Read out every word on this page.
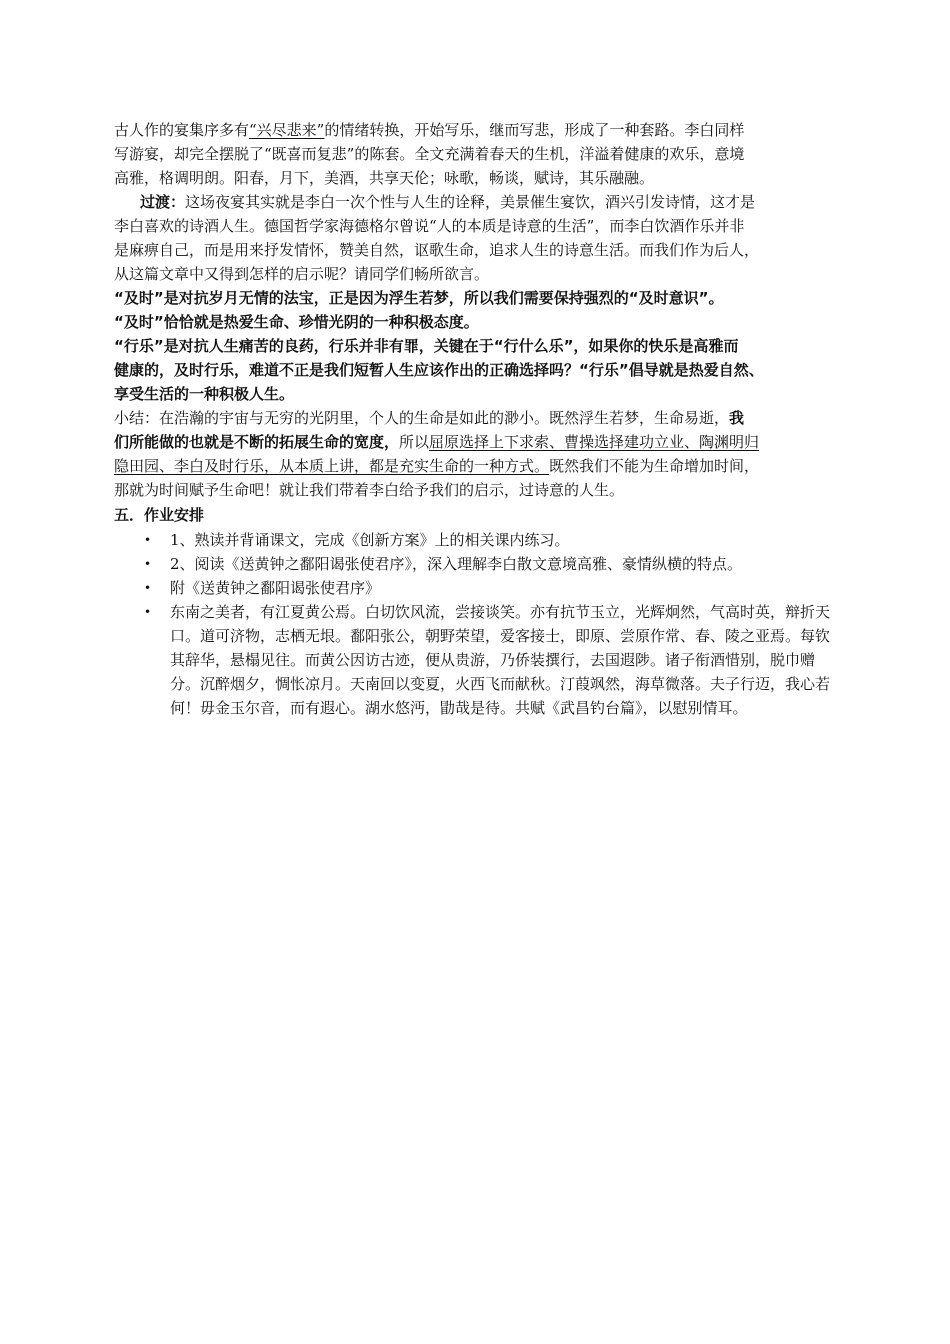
古人作的宴集序多有“兴尽悲来”的情绪转换，开始写乐，继而写悲，形成了一种套路。李白同样
写游宴，却完全摆脱了“既喜而复悲”的陈套。全文充满着春天的生机，洋溢着健康的欢乐，意境
高雅，格调明朗。阳春，月下，美酒，共享天伦；咏歌，畅谈，赋诗，其乐融融。
过渡：这场夜宴其实就是李白一次个性与人生的诠释，美景催生宴饮，酒兴引发诗情，这才是
李白喜欢的诗酒人生。德国哲学家海德格尔曾说“人的本质是诗意的生活”，而李白饮酒作乐并非
是麻痹自己，而是用来抒发情怀，赞美自然，讴歌生命，追求人生的诗意生活。而我们作为后人，
从这篇文章中又得到怎样的启示呢？请同学们畅所欲言。
“及时”是对抗岁月无情的法宝，正是因为浮生若梦，所以我们需要保持强烈的“及时意识”。
“及时”恰恰就是热爱生命、珍惜光阴的一种积极态度。
“行乐”是对抗人生痛苦的良药，行乐并非有罪，关键在于“行什么乐”，如果你的快乐是高雅而
健康的，及时行乐，难道不正是我们短暂人生应该作出的正确选择吗？“行乐”倡导就是热爱自然、
享受生活的一种积极人生。
小结：在浩瀚的宇宙与无穷的光阴里，个人的生命是如此的渺小。既然浮生若梦，生命易逝，我
们所能做的也就是不断的拓展生命的宽度，所以屈原选择上下求索、曹操选择建功立业、陶渊明归
隐田园、李白及时行乐，从本质上讲，都是充实生命的一种方式。既然我们不能为生命增加时间，
那就为时间赋予生命吧！就让我们带着李白给予我们的启示，过诗意的人生。
五．作业安排
• 1、熟读并背诵课文，完成《创新方案》上的相关课内练习。
• 2、阅读《送黄钟之鄱阳谒张使君序》，深入理解李白散文意境高雅、豪情纵横的特点。
• 附《送黄钟之鄱阳谒张使君序》
• 东南之美者，有江夏黄公焉。白切饮风流，尝接谈笑。亦有抗节玉立，光辉炯然，气高时英，辩折天口。道可济物，志栖无垠。鄱阳张公，朝野荣望，爱客接士，即原、尝原作常、春、陵之亚焉。每钦其辞华，悬榻见往。而黄公因访古迹，便从贵游，乃侨装撰行，去国遐陟。诸子衔酒惜别，脱巾赠分。沉醉烟夕，惆怅凉月。天南回以变夏，火西飞而献秋。汀葭飒然，海草微落。夫子行迈，我心若何！毋金玉尔音，而有遐心。湖水悠沔，勖哉是待。共赋《武昌钓台篇》，以慰别情耳。
